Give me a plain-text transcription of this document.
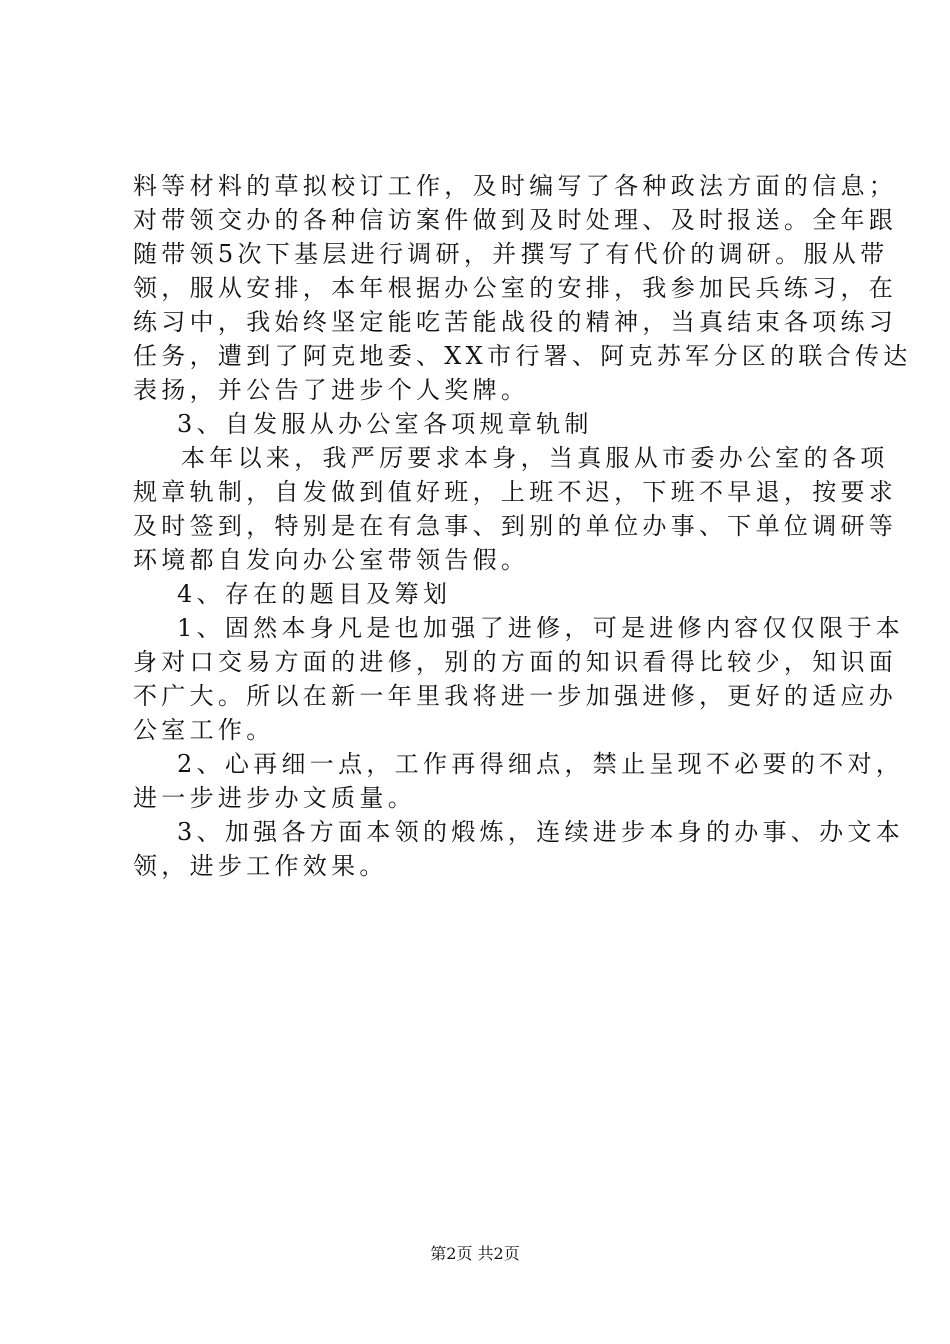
料等材料的草拟校订工作，及时编写了各种政法方面的信息；
对带领交办的各种信访案件做到及时处理、及时报送。全年跟
随带领5次下基层进行调研，并撰写了有代价的调研。服从带
领，服从安排，本年根据办公室的安排，我参加民兵练习，在
练习中，我始终坚定能吃苦能战役的精神，当真结束各项练习
任务，遭到了阿克地委、XX市行署、阿克苏军分区的联合传达
表扬，并公告了进步个人奖牌。
3、自发服从办公室各项规章轨制
本年以来，我严厉要求本身，当真服从市委办公室的各项
规章轨制，自发做到值好班，上班不迟，下班不早退，按要求
及时签到，特别是在有急事、到别的单位办事、下单位调研等
环境都自发向办公室带领告假。
4、存在的题目及筹划
1、固然本身凡是也加强了进修，可是进修内容仅仅限于本
身对口交易方面的进修，别的方面的知识看得比较少，知识面
不广大。所以在新一年里我将进一步加强进修，更好的适应办
公室工作。
2、心再细一点，工作再得细点，禁止呈现不必要的不对，
进一步进步办文质量。
3、加强各方面本领的煅炼，连续进步本身的办事、办文本
领，进步工作效果。
第2页 共2页
